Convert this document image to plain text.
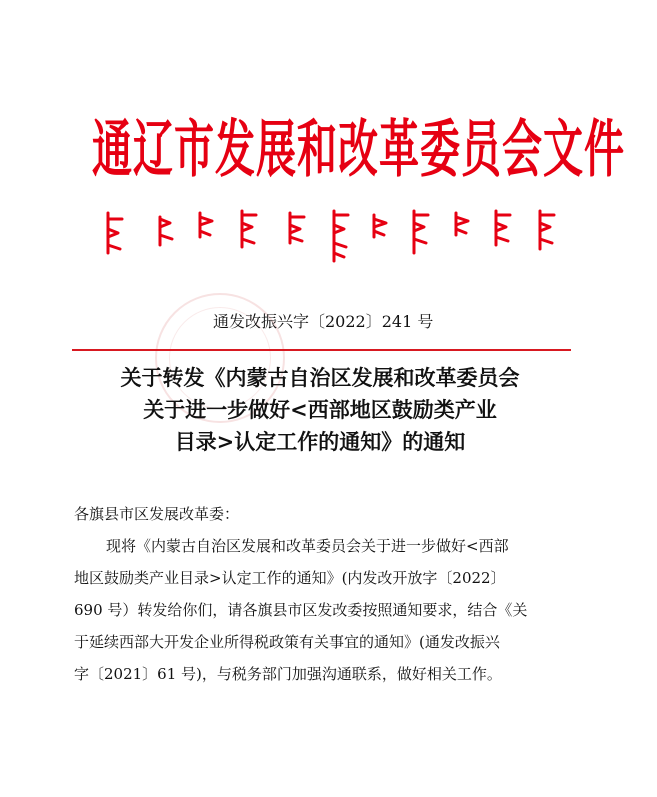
通辽市发展和改革委员会文件
通发改振兴字〔2022〕241 号
关于转发《内蒙古自治区发展和改革委员会
关于进一步做好<西部地区鼓励类产业
目录>认定工作的通知》的通知
各旗县市区发展改革委：
现将《内蒙古自治区发展和改革委员会关于进一步做好<西部
地区鼓励类产业目录>认定工作的通知》(内发改开放字〔2022〕
690 号）转发给你们，请各旗县市区发改委按照通知要求，结合《关
于延续西部大开发企业所得税政策有关事宜的通知》(通发改振兴
字〔2021〕61 号)，与税务部门加强沟通联系，做好相关工作。
